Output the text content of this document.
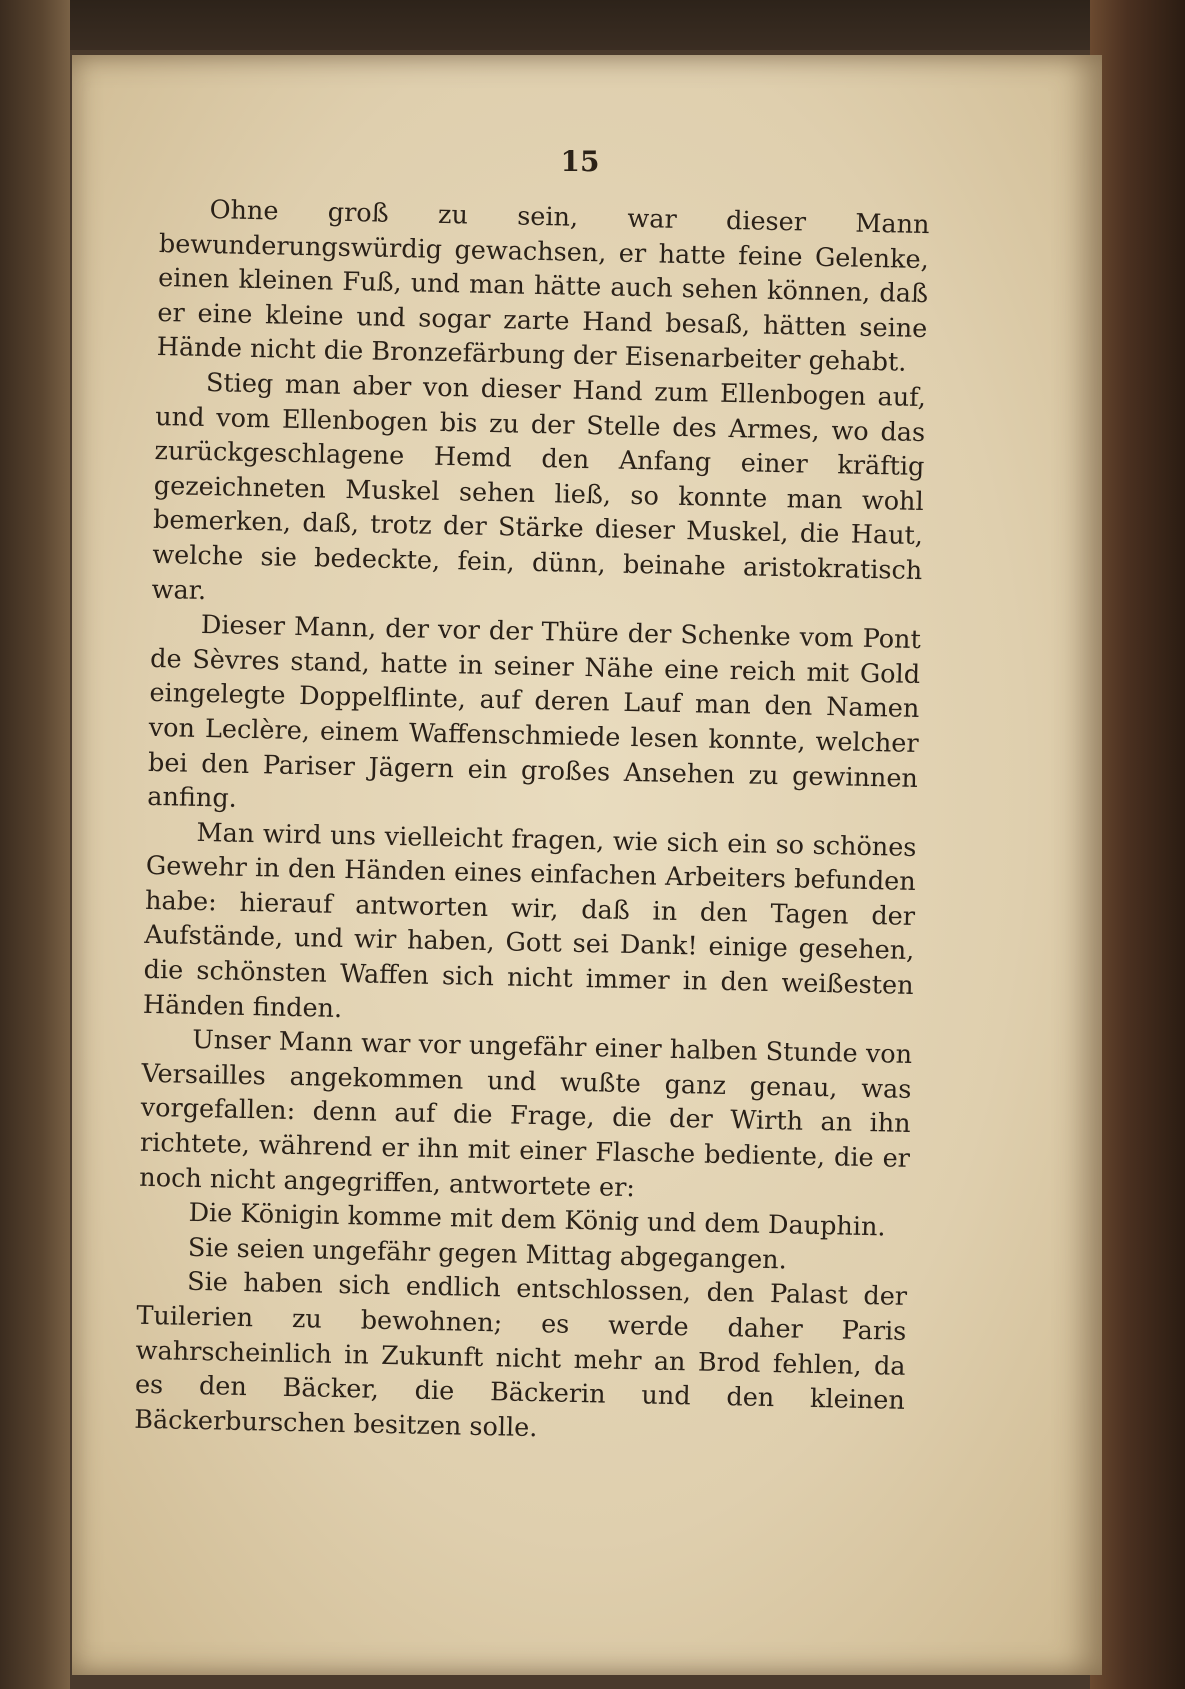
15

Ohne groß zu sein, war dieser Mann bewunderungswürdig gewachsen, er hatte feine Gelenke, einen kleinen Fuß, und man hätte auch sehen können, daß er eine kleine und sogar zarte Hand besaß, hätten seine Hände nicht die Bronzefärbung der Eisenarbeiter gehabt.

Stieg man aber von dieser Hand zum Ellenbogen auf, und vom Ellenbogen bis zu der Stelle des Armes, wo das zurückgeschlagene Hemd den Anfang einer kräftig gezeichneten Muskel sehen ließ, so konnte man wohl bemerken, daß, trotz der Stärke dieser Muskel, die Haut, welche sie bedeckte, fein, dünn, beinahe aristokratisch war.

Dieser Mann, der vor der Thüre der Schenke vom Pont de Sèvres stand, hatte in seiner Nähe eine reich mit Gold eingelegte Doppelflinte, auf deren Lauf man den Namen von Leclère, einem Waffenschmiede lesen konnte, welcher bei den Pariser Jägern ein großes Ansehen zu gewinnen anfing.

Man wird uns vielleicht fragen, wie sich ein so schönes Gewehr in den Händen eines einfachen Arbeiters befunden habe: hierauf antworten wir, daß in den Tagen der Aufstände, und wir haben, Gott sei Dank! einige gesehen, die schönsten Waffen sich nicht immer in den weißesten Händen finden.

Unser Mann war vor ungefähr einer halben Stunde von Versailles angekommen und wußte ganz genau, was vorgefallen: denn auf die Frage, die der Wirth an ihn richtete, während er ihn mit einer Flasche bediente, die er noch nicht angegriffen, antwortete er:

Die Königin komme mit dem König und dem Dauphin.

Sie seien ungefähr gegen Mittag abgegangen.

Sie haben sich endlich entschlossen, den Palast der Tuilerien zu bewohnen; es werde daher Paris wahrscheinlich in Zukunft nicht mehr an Brod fehlen, da es den Bäcker, die Bäckerin und den kleinen Bäckerburschen besitzen solle.
